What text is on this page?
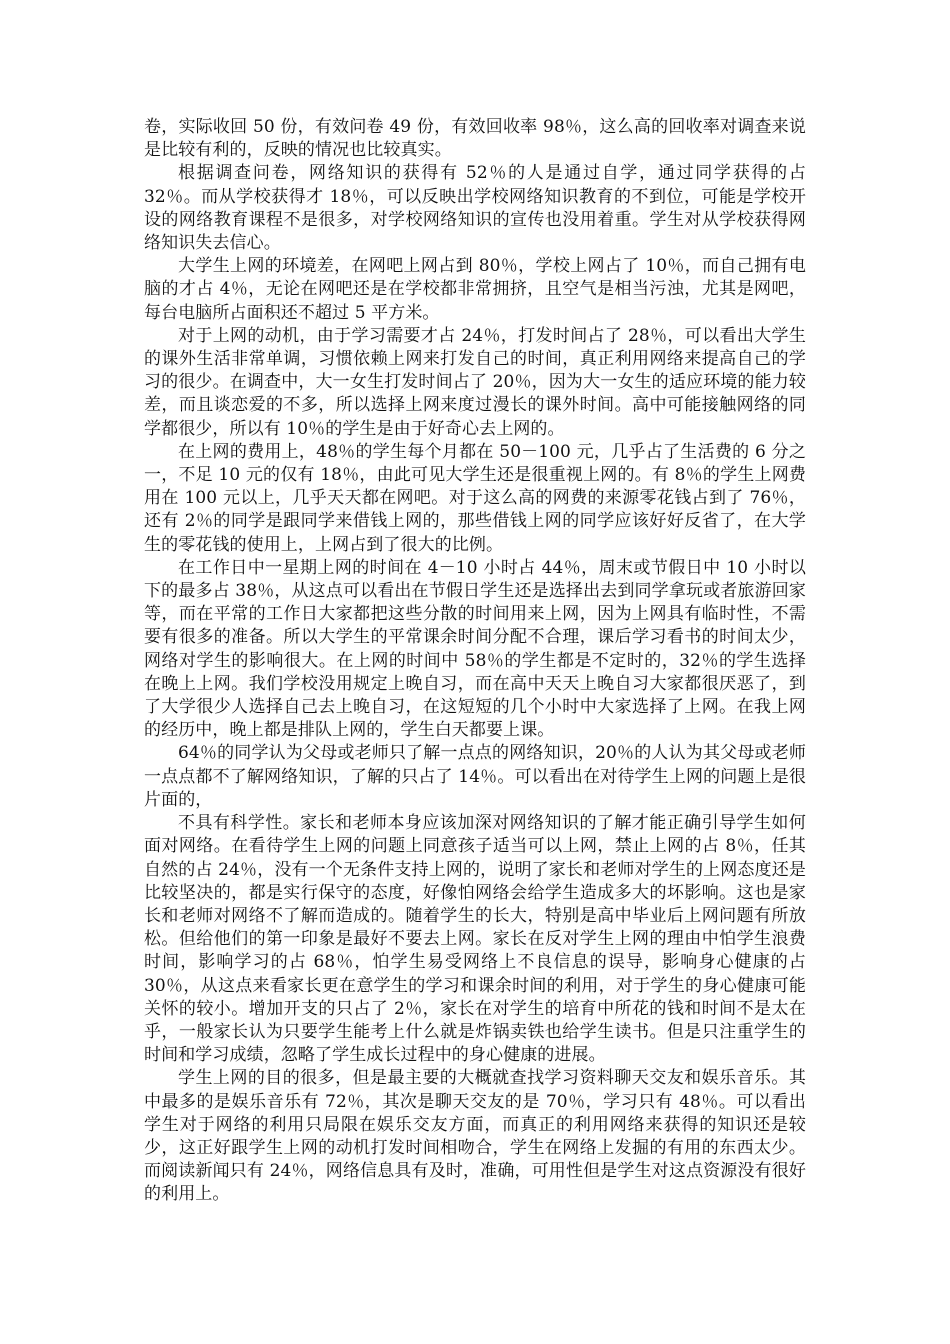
卷，实际收回 50 份，有效问卷 49 份，有效回收率 98％，这么高的回收率对调查来说是比较有利的，反映的情况也比较真实。

根据调查问卷，网络知识的获得有 52％的人是通过自学，通过同学获得的占 32％。而从学校获得才 18％，可以反映出学校网络知识教育的不到位，可能是学校开设的网络教育课程不是很多，对学校网络知识的宣传也没用着重。学生对从学校获得网络知识失去信心。

大学生上网的环境差，在网吧上网占到 80％，学校上网占了 10％，而自己拥有电脑的才占 4％，无论在网吧还是在学校都非常拥挤，且空气是相当污浊，尤其是网吧，每台电脑所占面积还不超过 5 平方米。

对于上网的动机，由于学习需要才占 24％，打发时间占了 28％，可以看出大学生的课外生活非常单调，习惯依赖上网来打发自己的时间，真正利用网络来提高自己的学习的很少。在调查中，大一女生打发时间占了 20％，因为大一女生的适应环境的能力较差，而且谈恋爱的不多，所以选择上网来度过漫长的课外时间。高中可能接触网络的同学都很少，所以有 10％的学生是由于好奇心去上网的。

在上网的费用上，48％的学生每个月都在 50－100 元，几乎占了生活费的 6 分之一，不足 10 元的仅有 18％，由此可见大学生还是很重视上网的。有 8％的学生上网费用在 100 元以上，几乎天天都在网吧。对于这么高的网费的来源零花钱占到了 76％，还有 2％的同学是跟同学来借钱上网的，那些借钱上网的同学应该好好反省了，在大学生的零花钱的使用上，上网占到了很大的比例。

在工作日中一星期上网的时间在 4－10 小时占 44％，周末或节假日中 10 小时以下的最多占 38％，从这点可以看出在节假日学生还是选择出去到同学拿玩或者旅游回家等，而在平常的工作日大家都把这些分散的时间用来上网，因为上网具有临时性，不需要有很多的准备。所以大学生的平常课余时间分配不合理，课后学习看书的时间太少，网络对学生的影响很大。在上网的时间中 58％的学生都是不定时的，32％的学生选择在晚上上网。我们学校没用规定上晚自习，而在高中天天上晚自习大家都很厌恶了，到了大学很少人选择自己去上晚自习，在这短短的几个小时中大家选择了上网。在我上网的经历中，晚上都是排队上网的，学生白天都要上课。

64％的同学认为父母或老师只了解一点点的网络知识，20％的人认为其父母或老师一点点都不了解网络知识，了解的只占了 14％。可以看出在对待学生上网的问题上是很片面的，

不具有科学性。家长和老师本身应该加深对网络知识的了解才能正确引导学生如何面对网络。在看待学生上网的问题上同意孩子适当可以上网，禁止上网的占 8％，任其自然的占 24％，没有一个无条件支持上网的，说明了家长和老师对学生的上网态度还是比较坚决的，都是实行保守的态度，好像怕网络会给学生造成多大的坏影响。这也是家长和老师对网络不了解而造成的。随着学生的长大，特别是高中毕业后上网问题有所放松。但给他们的第一印象是最好不要去上网。家长在反对学生上网的理由中怕学生浪费时间，影响学习的占 68％，怕学生易受网络上不良信息的误导，影响身心健康的占 30％，从这点来看家长更在意学生的学习和课余时间的利用，对于学生的身心健康可能关怀的较小。增加开支的只占了 2％，家长在对学生的培育中所花的钱和时间不是太在乎，一般家长认为只要学生能考上什么就是炸锅卖铁也给学生读书。但是只注重学生的时间和学习成绩，忽略了学生成长过程中的身心健康的进展。

学生上网的目的很多，但是最主要的大概就查找学习资料聊天交友和娱乐音乐。其中最多的是娱乐音乐有 72％，其次是聊天交友的是 70％，学习只有 48％。可以看出学生对于网络的利用只局限在娱乐交友方面，而真正的利用网络来获得的知识还是较少，这正好跟学生上网的动机打发时间相吻合，学生在网络上发掘的有用的东西太少。而阅读新闻只有 24％，网络信息具有及时，准确，可用性但是学生对这点资源没有很好的利用上。
